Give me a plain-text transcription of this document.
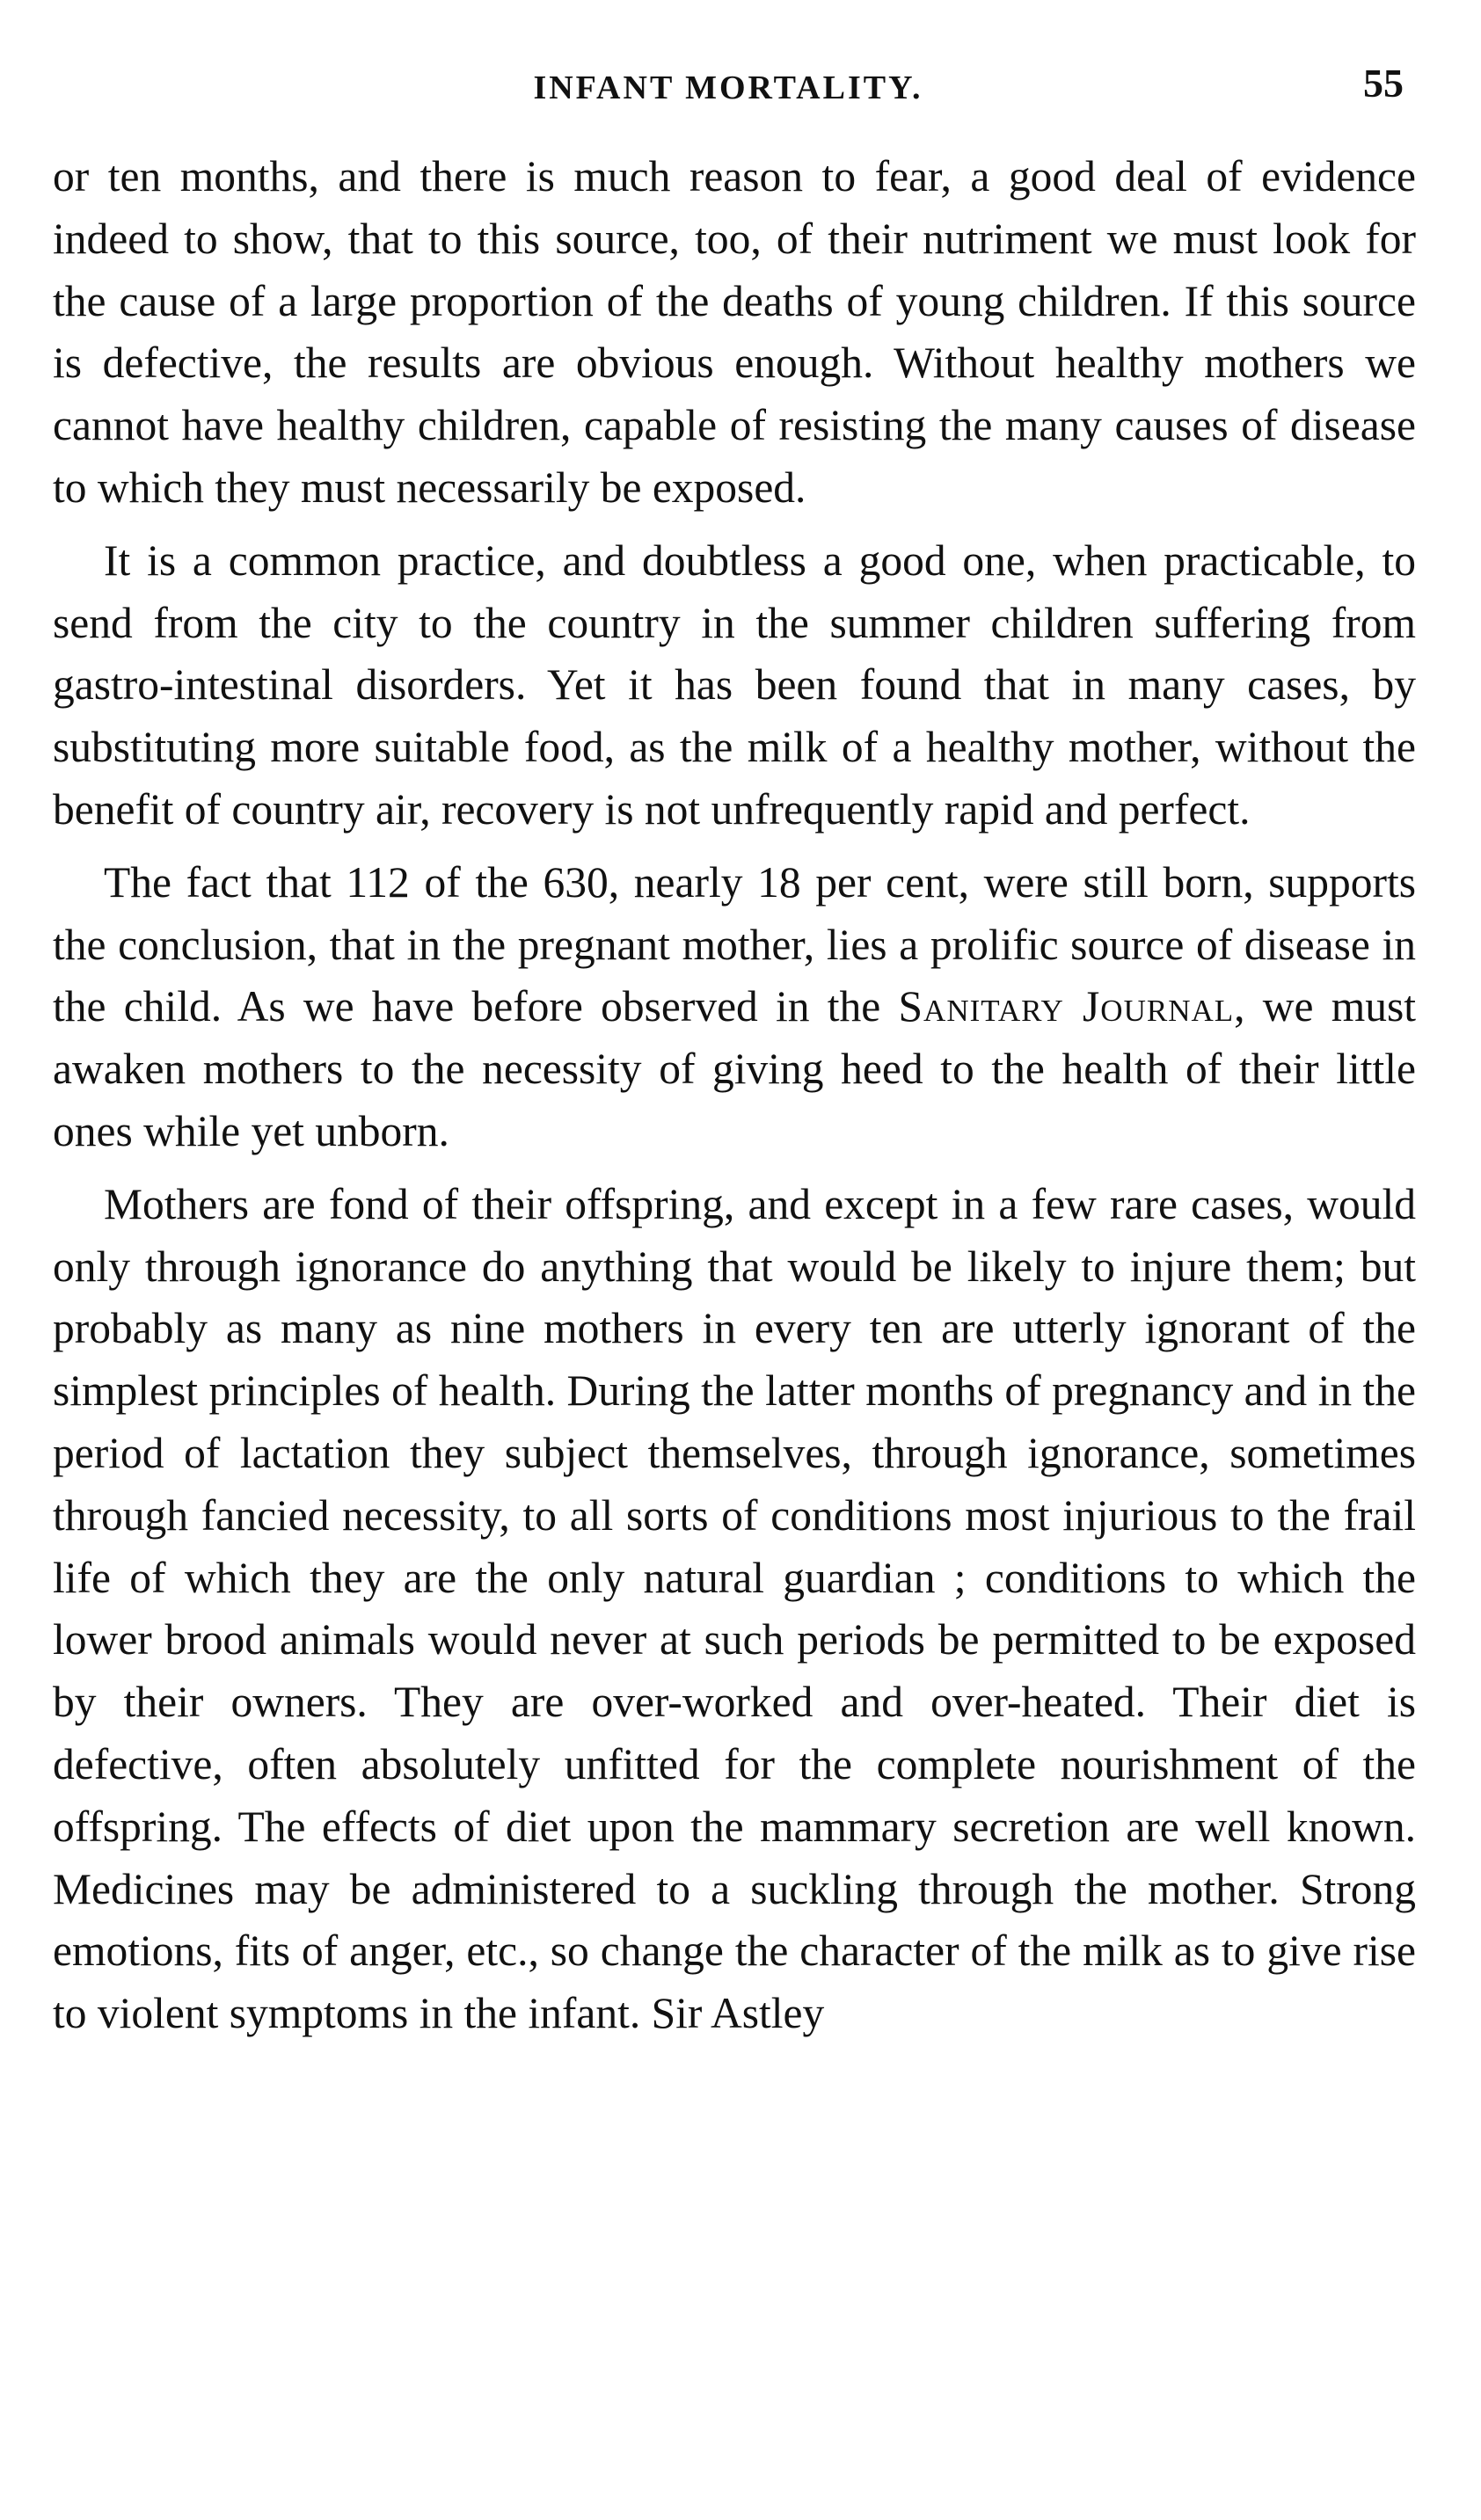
INFANT MORTALITY.	55

or ten months, and there is much reason to fear, a good deal of evidence indeed to show, that to this source, too, of their nutriment we must look for the cause of a large proportion of the deaths of young children. If this source is defective, the results are obvious enough. Without healthy mothers we cannot have healthy children, capable of resisting the many causes of disease to which they must necessarily be exposed.

It is a common practice, and doubtless a good one, when practicable, to send from the city to the country in the summer children suffering from gastro-intestinal disorders. Yet it has been found that in many cases, by substituting more suitable food, as the milk of a healthy mother, without the benefit of country air, recovery is not unfrequently rapid and perfect.

The fact that 112 of the 630, nearly 18 per cent, were still born, supports the conclusion, that in the pregnant mother, lies a prolific source of disease in the child. As we have before observed in the Sanitary Journal, we must awaken mothers to the necessity of giving heed to the health of their little ones while yet unborn.

Mothers are fond of their offspring, and except in a few rare cases, would only through ignorance do anything that would be likely to injure them; but probably as many as nine mothers in every ten are utterly ignorant of the simplest principles of health. During the latter months of pregnancy and in the period of lactation they subject themselves, through ignorance, sometimes through fancied necessity, to all sorts of conditions most injurious to the frail life of which they are the only natural guardian ; conditions to which the lower brood animals would never at such periods be permitted to be exposed by their owners. They are over-worked and over-heated. Their diet is defective, often absolutely unfitted for the complete nourishment of the offspring. The effects of diet upon the mammary secretion are well known. Medicines may be administered to a suckling through the mother. Strong emotions, fits of anger, etc., so change the character of the milk as to give rise to violent symptoms in the infant. Sir Astley
